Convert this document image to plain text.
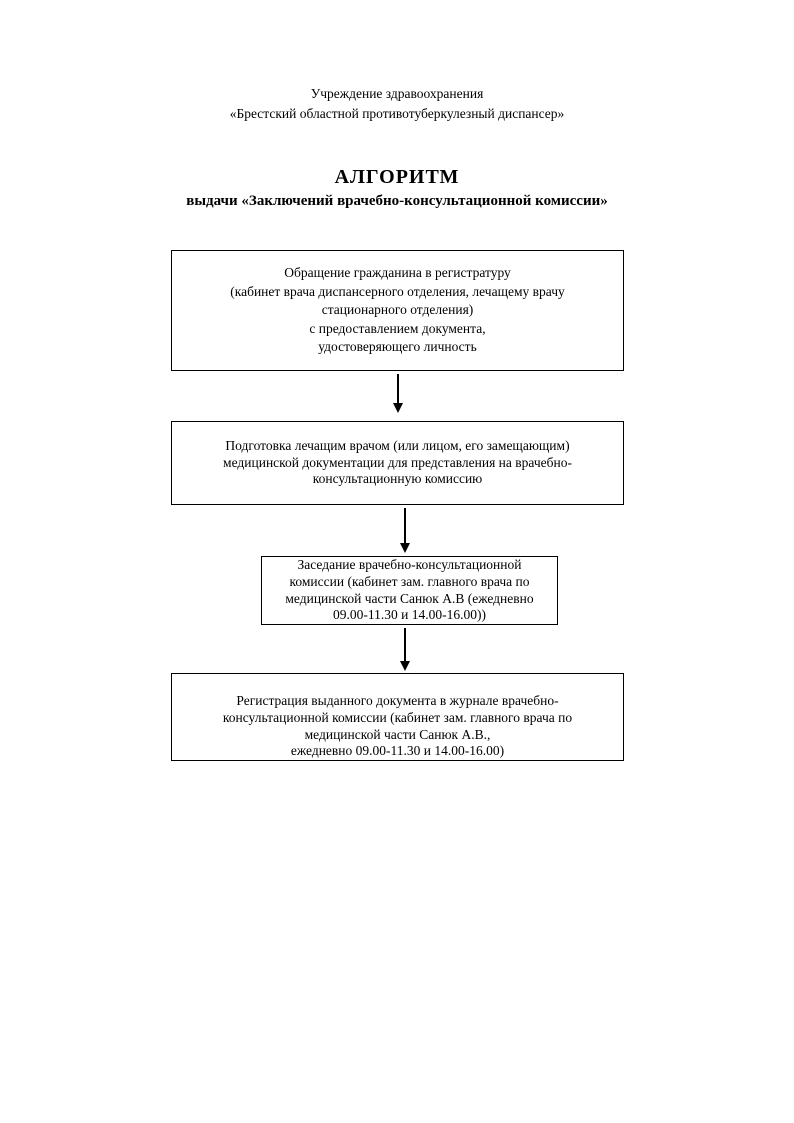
Учреждение здравоохранения
«Брестский областной противотуберкулезный диспансер»
АЛГОРИТМ
выдачи «Заключений врачебно-консультационной комиссии»
Обращение гражданина в регистратуру
(кабинет врача диспансерного отделения, лечащему врачу
стационарного отделения)
с предоставлением документа,
удостоверяющего личность
Подготовка лечащим врачом (или лицом, его замещающим)
медицинской документации для представления на врачебно-
консультационную комиссию
Заседание врачебно-консультационной
комиссии (кабинет зам. главного врача по
медицинской части Санюк А.В (ежедневно
09.00-11.30 и 14.00-16.00))
Регистрация выданного документа в журнале врачебно-
консультационной комиссии (кабинет зам. главного врача по
медицинской части Санюк А.В.,
ежедневно 09.00-11.30 и 14.00-16.00)
